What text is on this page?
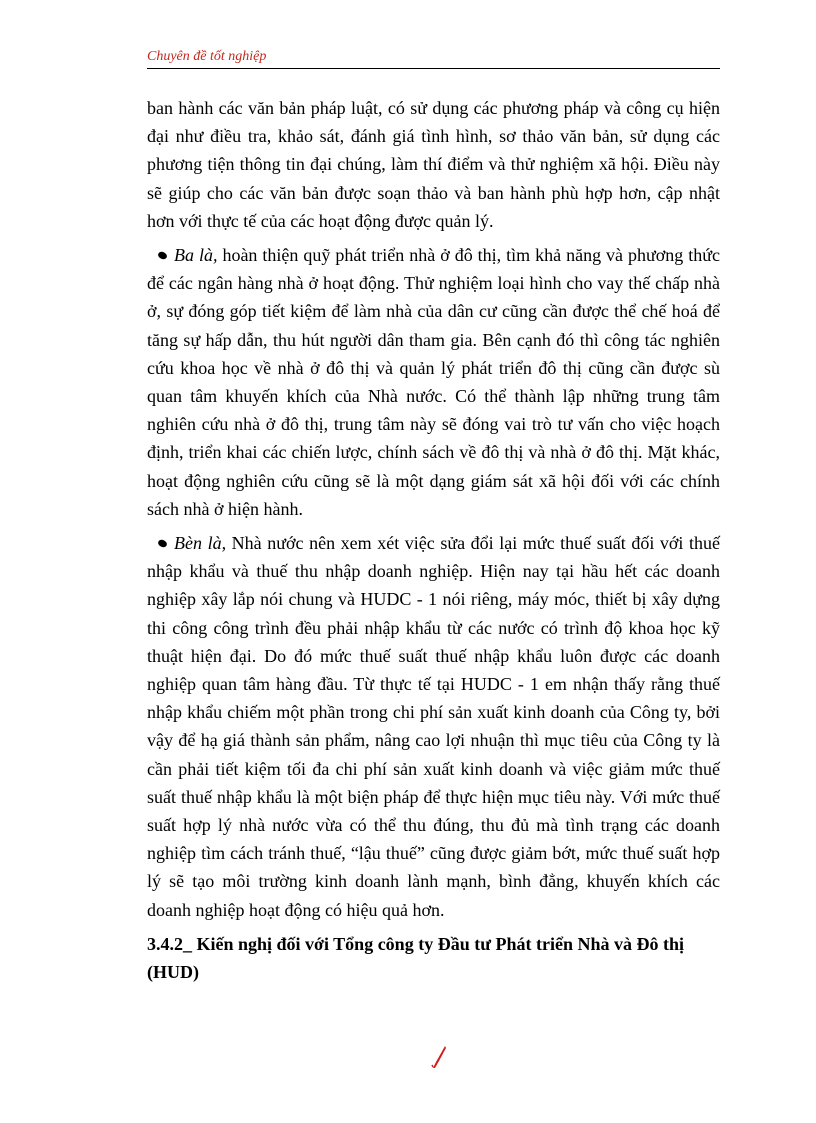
Chuyên đề tốt nghiệp

ban hành các văn bản pháp luật, có sử dụng các phương pháp và công cụ hiện đại như điều tra, khảo sát, đánh giá tình hình, sơ thảo văn bản, sử dụng các phương tiện thông tin đại chúng, làm thí điểm và thử nghiệm xã hội. Điều này sẽ giúp cho các văn bản được soạn thảo và ban hành phù hợp hơn, cập nhật hơn với thực tế của các hoạt động được quản lý.

Ba là, hoàn thiện quỹ phát triển nhà ở đô thị, tìm khả năng và phương thức để các ngân hàng nhà ở hoạt động. Thử nghiệm loại hình cho vay thế chấp nhà ở, sự đóng góp tiết kiệm để làm nhà của dân cư cũng cần được thể chế hoá để tăng sự hấp dẫn, thu hút người dân tham gia. Bên cạnh đó thì công tác nghiên cứu khoa học về nhà ở đô thị và quản lý phát triển đô thị cũng cần được sù quan tâm khuyến khích của Nhà nước. Có thể thành lập những trung tâm nghiên cứu nhà ở đô thị, trung tâm này sẽ đóng vai trò tư vấn cho việc hoạch định, triển khai các chiến lược, chính sách về đô thị và nhà ở đô thị. Mặt khác, hoạt động nghiên cứu cũng sẽ là một dạng giám sát xã hội đối với các chính sách nhà ở hiện hành.

Bèn là, Nhà nước nên xem xét việc sửa đổi lại mức thuế suất đối với thuế nhập khẩu và thuế thu nhập doanh nghiệp. Hiện nay tại hầu hết các doanh nghiệp xây lắp nói chung và HUDC - 1 nói riêng, máy móc, thiết bị xây dựng thi công công trình đều phải nhập khẩu từ các nước có trình độ khoa học kỹ thuật hiện đại. Do đó mức thuế suất thuế nhập khẩu luôn được các doanh nghiệp quan tâm hàng đầu. Từ thực tế tại HUDC - 1 em nhận thấy rằng thuế nhập khẩu chiếm một phần trong chi phí sản xuất kinh doanh của Công ty, bởi vậy để hạ giá thành sản phẩm, nâng cao lợi nhuận thì mục tiêu của Công ty là cần phải tiết kiệm tối đa chi phí sản xuất kinh doanh và việc giảm mức thuế suất thuế nhập khẩu là một biện pháp để thực hiện mục tiêu này. Với mức thuế suất hợp lý nhà nước vừa có thể thu đúng, thu đủ mà tình trạng các doanh nghiệp tìm cách tránh thuế, “lậu thuế” cũng được giảm bớt, mức thuế suất hợp lý sẽ tạo môi trường kinh doanh lành mạnh, bình đẳng, khuyến khích các doanh nghiệp hoạt động có hiệu quả hơn.

3.4.2_ Kiến nghị đối với Tổng công ty Đầu tư Phát triển Nhà và Đô thị (HUD)
